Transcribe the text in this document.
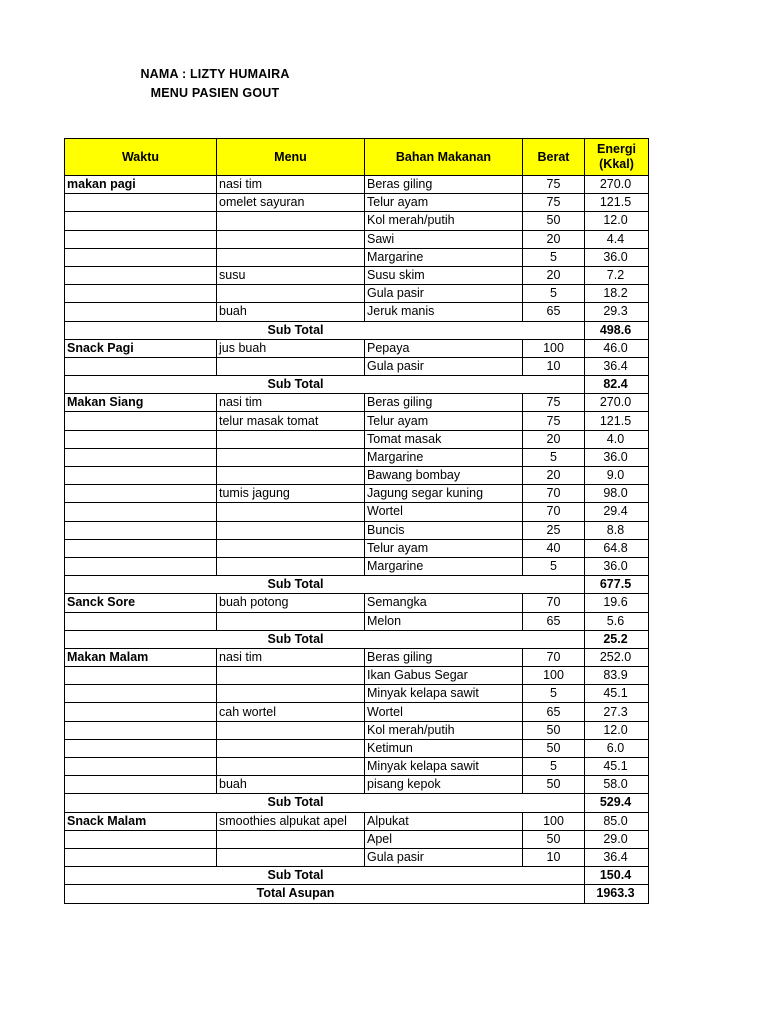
NAMA : LIZTY HUMAIRA
MENU PASIEN GOUT
Waktu	Menu	Bahan Makanan	Berat	Energi
(Kkal)
makan pagi	nasi tim	Beras giling	75	270.0
	omelet sayuran	Telur ayam	75	121.5
		Kol merah/putih	50	12.0
		Sawi	20	4.4
		Margarine	5	36.0
	susu	Susu skim	20	7.2
		Gula pasir	5	18.2
	buah	Jeruk manis	65	29.3
Sub Total				498.6
Snack Pagi	jus buah	Pepaya	100	46.0
		Gula pasir	10	36.4
Sub Total				82.4
Makan Siang	nasi tim	Beras giling	75	270.0
	telur masak tomat	Telur ayam	75	121.5
		Tomat masak	20	4.0
		Margarine	5	36.0
		Bawang bombay	20	9.0
	tumis jagung	Jagung segar kuning	70	98.0
		Wortel	70	29.4
		Buncis	25	8.8
		Telur ayam	40	64.8
		Margarine	5	36.0
Sub Total				677.5
Sanck Sore	buah potong	Semangka	70	19.6
		Melon	65	5.6
Sub Total				25.2
Makan Malam	nasi tim	Beras giling	70	252.0
		Ikan Gabus Segar	100	83.9
		Minyak kelapa sawit	5	45.1
	cah wortel	Wortel	65	27.3
		Kol merah/putih	50	12.0
		Ketimun	50	6.0
		Minyak kelapa sawit	5	45.1
	buah	pisang kepok	50	58.0
Sub Total				529.4
Snack Malam	smoothies alpukat apel	Alpukat	100	85.0
		Apel	50	29.0
		Gula pasir	10	36.4
Sub Total				150.4
Total Asupan				1963.3
